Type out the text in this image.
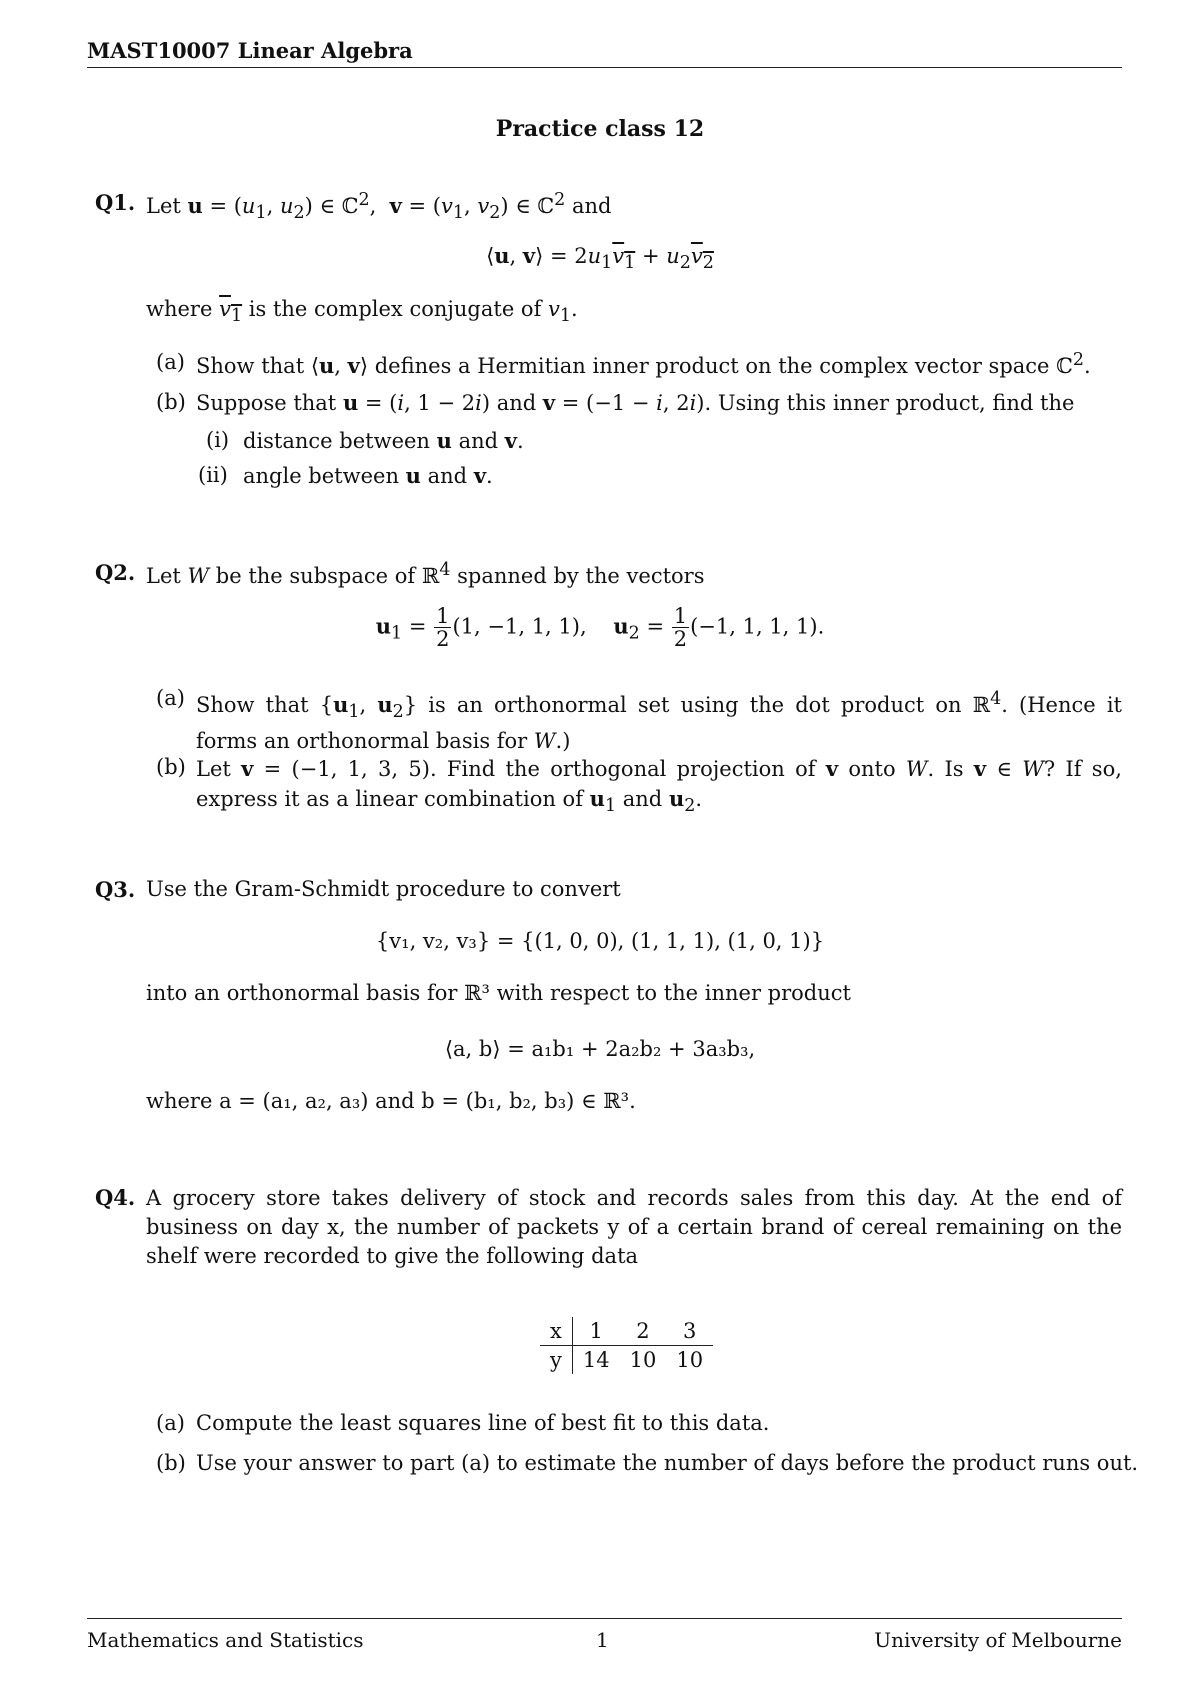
MAST10007 Linear Algebra
Practice class 12
Q1. Let $u = (u_1$, $u_2$) ∈ ℂ$^2$,  $v = (v_1$, $v_2$) ∈ ℂ$^2$ and
⟨u, v⟩ = $2u_1v_1 + u_2v_2$
where $v_1$ is the complex conjugate of $v_1$.
(a) Show that ⟨u, v⟩ defines a Hermitian inner product on the complex vector space ℂ$^2$.
(b) Suppose that u = (i, 1 − 2i) and v = (−1 − i, 2i). Using this inner product, find the
(i) distance between u and v.
(ii) angle between u and v.
Q2. Let W be the subspace of ℝ$^4$ spanned by the vectors
$u_1 = \frac{1}{2} (1$, −1, 1, 1),    $u_2 = \frac{1}{2} (-1$, 1, 1, 1).
(a) Show that {$u_1$, $u_2$} is an orthonormal set using the dot product on ℝ$^4$. (Hence it forms an orthonormal basis for W.)
(b) Let v = (−1, 1, 3, 5). Find the orthogonal projection of v onto W. Is v ∈ W? If so, express it as a linear combination of $u_1$ and $u_2$.
Q3. Use the Gram-Schmidt procedure to convert
{v₁, v₂, v₃} = {(1, 0, 0), (1, 1, 1), (1, 0, 1)}
into an orthonormal basis for ℝ³ with respect to the inner product
⟨a, b⟩ = a₁b₁ + 2a₂b₂ + 3a₃b₃,
where a = (a₁, a₂, a₃) and b = (b₁, b₂, b₃) ∈ ℝ³.
Q4. A grocery store takes delivery of stock and records sales from this day. At the end of business on day x, the number of packets y of a certain brand of cereal remaining on the shelf were recorded to give the following data
x	1	2	3
y	14	10	10
(a) Compute the least squares line of best fit to this data.
(b) Use your answer to part (a) to estimate the number of days before the product runs out.
Mathematics and Statistics	1	University of Melbourne
